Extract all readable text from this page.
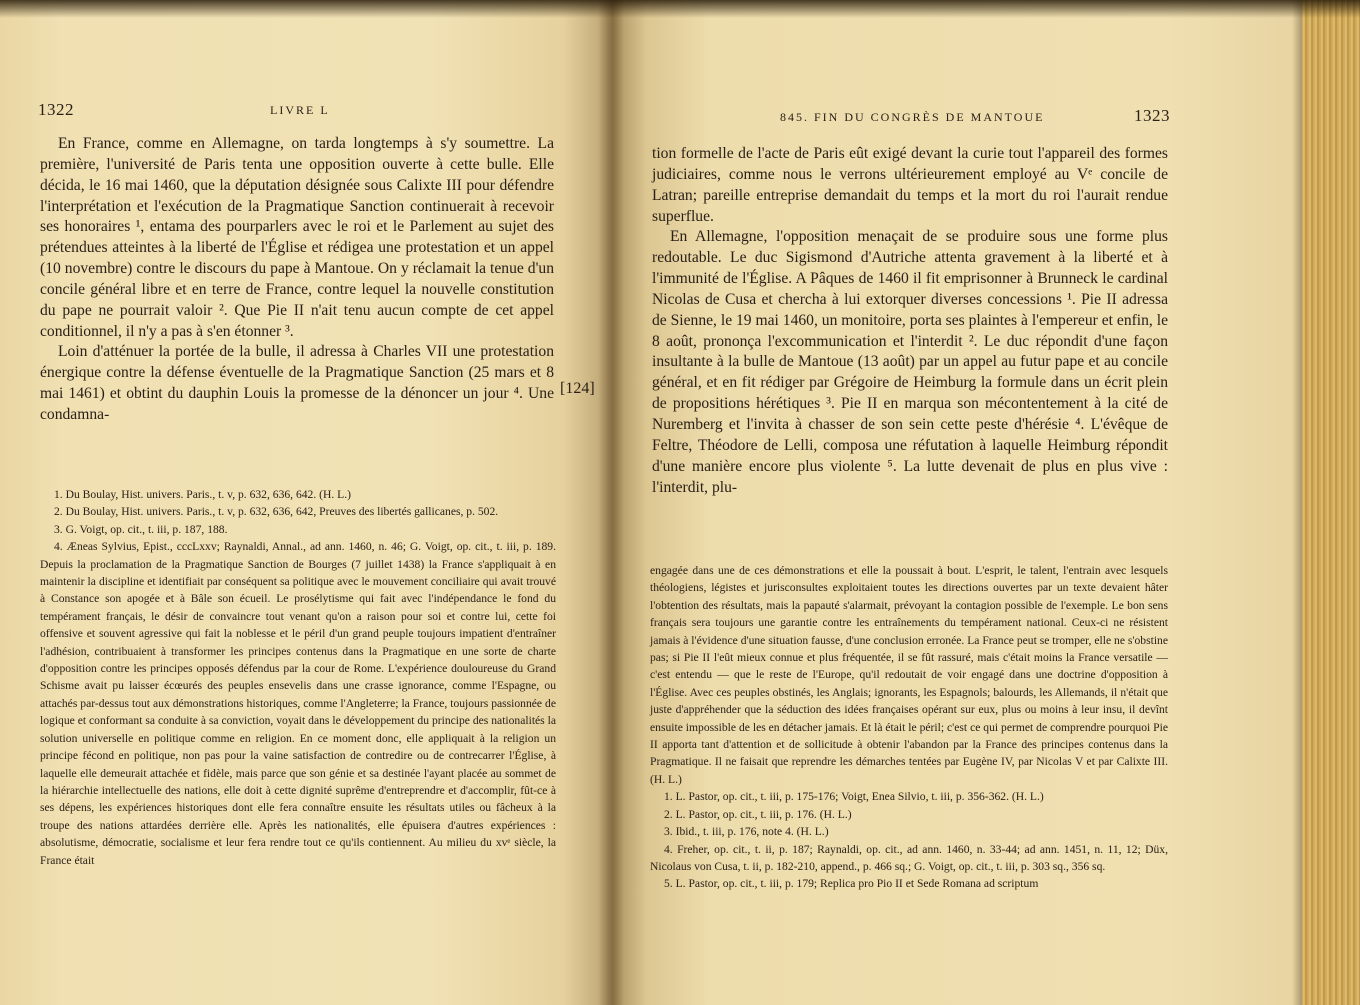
1322	LIVRE L

En France, comme en Allemagne, on tarda longtemps à s'y soumettre. La première, l'université de Paris tenta une opposition ouverte à cette bulle. Elle décida, le 16 mai 1460, que la députation désignée sous Calixte III pour défendre l'interprétation et l'exécution de la Pragmatique Sanction continuerait à recevoir ses honoraires ¹, entama des pourparlers avec le roi et le Parlement au sujet des prétendues atteintes à la liberté de l'Église et rédigea une protestation et un appel (10 novembre) contre le discours du pape à Mantoue. On y réclamait la tenue d'un concile général libre et en terre de France, contre lequel la nouvelle constitution du pape ne pourrait valoir ². Que Pie II n'ait tenu aucun compte de cet appel conditionnel, il n'y a pas à s'en étonner ³.

Loin d'atténuer la portée de la bulle, il adressa à Charles VII une protestation énergique contre la défense éventuelle de la Pragmatique Sanction (25 mars et 8 mai 1461) et obtint du dauphin Louis la promesse de la dénoncer un jour ⁴. Une condamna-

[124]

1. Du Boulay, Hist. univers. Paris., t. v, p. 632, 636, 642. (H. L.)

2. Du Boulay, Hist. univers. Paris., t. v, p. 632, 636, 642, Preuves des libertés gallicanes, p. 502.

3. G. Voigt, op. cit., t. iii, p. 187, 188.

4. Æneas Sylvius, Epist., cccLxxv; Raynaldi, Annal., ad ann. 1460, n. 46; G. Voigt, op. cit., t. iii, p. 189. Depuis la proclamation de la Pragmatique Sanction de Bourges (7 juillet 1438) la France s'appliquait à en maintenir la discipline et identifiait par conséquent sa politique avec le mouvement conciliaire qui avait trouvé à Constance son apogée et à Bâle son écueil. Le prosélytisme qui fait avec l'indépendance le fond du tempérament français, le désir de convaincre tout venant qu'on a raison pour soi et contre lui, cette foi offensive et souvent agressive qui fait la noblesse et le péril d'un grand peuple toujours impatient d'entraîner l'adhésion, contribuaient à transformer les principes contenus dans la Pragmatique en une sorte de charte d'opposition contre les principes opposés défendus par la cour de Rome. L'expérience douloureuse du Grand Schisme avait pu laisser écœurés des peuples ensevelis dans une crasse ignorance, comme l'Espagne, ou attachés par-dessus tout aux démonstrations historiques, comme l'Angleterre; la France, toujours passionnée de logique et conformant sa conduite à sa conviction, voyait dans le développement du principe des nationalités la solution universelle en politique comme en religion. En ce moment donc, elle appliquait à la religion un principe fécond en politique, non pas pour la vaine satisfaction de contredire ou de contrecarrer l'Église, à laquelle elle demeurait attachée et fidèle, mais parce que son génie et sa destinée l'ayant placée au sommet de la hiérarchie intellectuelle des nations, elle doit à cette dignité suprême d'entreprendre et d'accomplir, fût-ce à ses dépens, les expériences historiques dont elle fera connaître ensuite les résultats utiles ou fâcheux à la troupe des nations attardées derrière elle. Après les nationalités, elle épuisera d'autres expériences : absolutisme, démocratie, socialisme et leur fera rendre tout ce qu'ils contiennent. Au milieu du xvᵉ siècle, la France était

845. FIN DU CONGRÈS DE MANTOUE	1323

tion formelle de l'acte de Paris eût exigé devant la curie tout l'appareil des formes judiciaires, comme nous le verrons ultérieurement employé au Vᵉ concile de Latran; pareille entreprise demandait du temps et la mort du roi l'aurait rendue superflue.

En Allemagne, l'opposition menaçait de se produire sous une forme plus redoutable. Le duc Sigismond d'Autriche attenta gravement à la liberté et à l'immunité de l'Église. A Pâques de 1460 il fit emprisonner à Brunneck le cardinal Nicolas de Cusa et chercha à lui extorquer diverses concessions ¹. Pie II adressa de Sienne, le 19 mai 1460, un monitoire, porta ses plaintes à l'empereur et enfin, le 8 août, prononça l'excommunication et l'interdit ². Le duc répondit d'une façon insultante à la bulle de Mantoue (13 août) par un appel au futur pape et au concile général, et en fit rédiger par Grégoire de Heimburg la formule dans un écrit plein de propositions hérétiques ³. Pie II en marqua son mécontentement à la cité de Nuremberg et l'invita à chasser de son sein cette peste d'hérésie ⁴. L'évêque de Feltre, Théodore de Lelli, composa une réfutation à laquelle Heimburg répondit d'une manière encore plus violente ⁵. La lutte devenait de plus en plus vive : l'interdit, plu-

engagée dans une de ces démonstrations et elle la poussait à bout. L'esprit, le talent, l'entrain avec lesquels théologiens, légistes et jurisconsultes exploitaient toutes les directions ouvertes par un texte devaient hâter l'obtention des résultats, mais la papauté s'alarmait, prévoyant la contagion possible de l'exemple. Le bon sens français sera toujours une garantie contre les entraînements du tempérament national. Ceux-ci ne résistent jamais à l'évidence d'une situation fausse, d'une conclusion erronée. La France peut se tromper, elle ne s'obstine pas; si Pie II l'eût mieux connue et plus fréquentée, il se fût rassuré, mais c'était moins la France versatile — c'est entendu — que le reste de l'Europe, qu'il redoutait de voir engagé dans une doctrine d'opposition à l'Église. Avec ces peuples obstinés, les Anglais; ignorants, les Espagnols; balourds, les Allemands, il n'était que juste d'appréhender que la séduction des idées françaises opérant sur eux, plus ou moins à leur insu, il devînt ensuite impossible de les en détacher jamais. Et là était le péril; c'est ce qui permet de comprendre pourquoi Pie II apporta tant d'attention et de sollicitude à obtenir l'abandon par la France des principes contenus dans la Pragmatique. Il ne faisait que reprendre les démarches tentées par Eugène IV, par Nicolas V et par Calixte III. (H. L.)

1. L. Pastor, op. cit., t. iii, p. 175-176; Voigt, Enea Silvio, t. iii, p. 356-362. (H. L.)

2. L. Pastor, op. cit., t. iii, p. 176. (H. L.)

3. Ibid., t. iii, p. 176, note 4. (H. L.)

4. Freher, op. cit., t. ii, p. 187; Raynaldi, op. cit., ad ann. 1460, n. 33-44; ad ann. 1451, n. 11, 12; Düx, Nicolaus von Cusa, t. ii, p. 182-210, append., p. 466 sq.; G. Voigt, op. cit., t. iii, p. 303 sq., 356 sq.

5. L. Pastor, op. cit., t. iii, p. 179; Replica pro Pio II et Sede Romana ad scriptum
